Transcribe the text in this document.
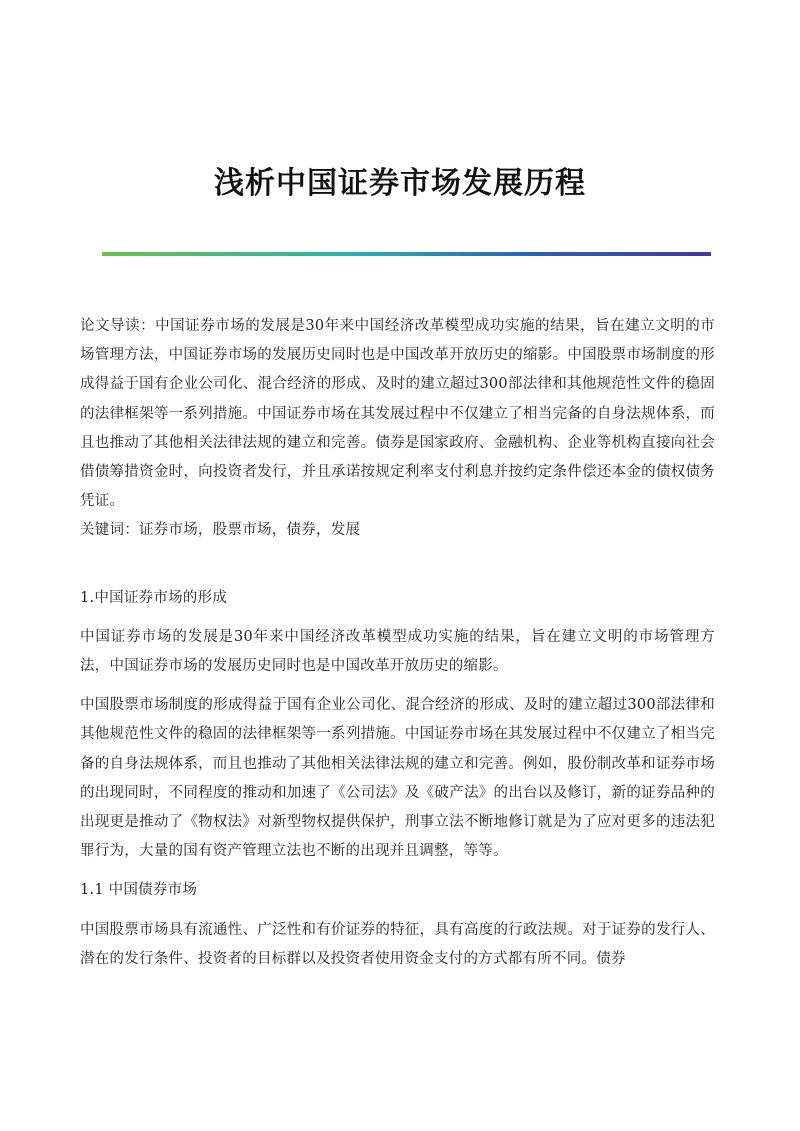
浅析中国证券市场发展历程

论文导读：中国证券市场的发展是30年来中国经济改革模型成功实施的结果，旨在建立文明的市场管理方法，中国证券市场的发展历史同时也是中国改革开放历史的缩影。中国股票市场制度的形成得益于国有企业公司化、混合经济的形成、及时的建立超过300部法律和其他规范性文件的稳固的法律框架等一系列措施。中国证券市场在其发展过程中不仅建立了相当完备的自身法规体系，而且也推动了其他相关法律法规的建立和完善。债券是国家政府、金融机构、企业等机构直接向社会借债筹措资金时，向投资者发行，并且承诺按规定利率支付利息并按约定条件偿还本金的债权债务凭证。

关键词：证券市场，股票市场，债券，发展

1.中国证券市场的形成

中国证券市场的发展是30年来中国经济改革模型成功实施的结果，旨在建立文明的市场管理方法，中国证券市场的发展历史同时也是中国改革开放历史的缩影。

中国股票市场制度的形成得益于国有企业公司化、混合经济的形成、及时的建立超过300部法律和其他规范性文件的稳固的法律框架等一系列措施。中国证券市场在其发展过程中不仅建立了相当完备的自身法规体系，而且也推动了其他相关法律法规的建立和完善。例如，股份制改革和证券市场的出现同时，不同程度的推动和加速了《公司法》及《破产法》的出台以及修订，新的证券品种的出现更是推动了《物权法》对新型物权提供保护，刑事立法不断地修订就是为了应对更多的违法犯罪行为，大量的国有资产管理立法也不断的出现并且调整，等等。

1.1 中国债券市场

中国股票市场具有流通性、广泛性和有价证券的特征，具有高度的行政法规。对于证券的发行人、潜在的发行条件、投资者的目标群以及投资者使用资金支付的方式都有所不同。债券
